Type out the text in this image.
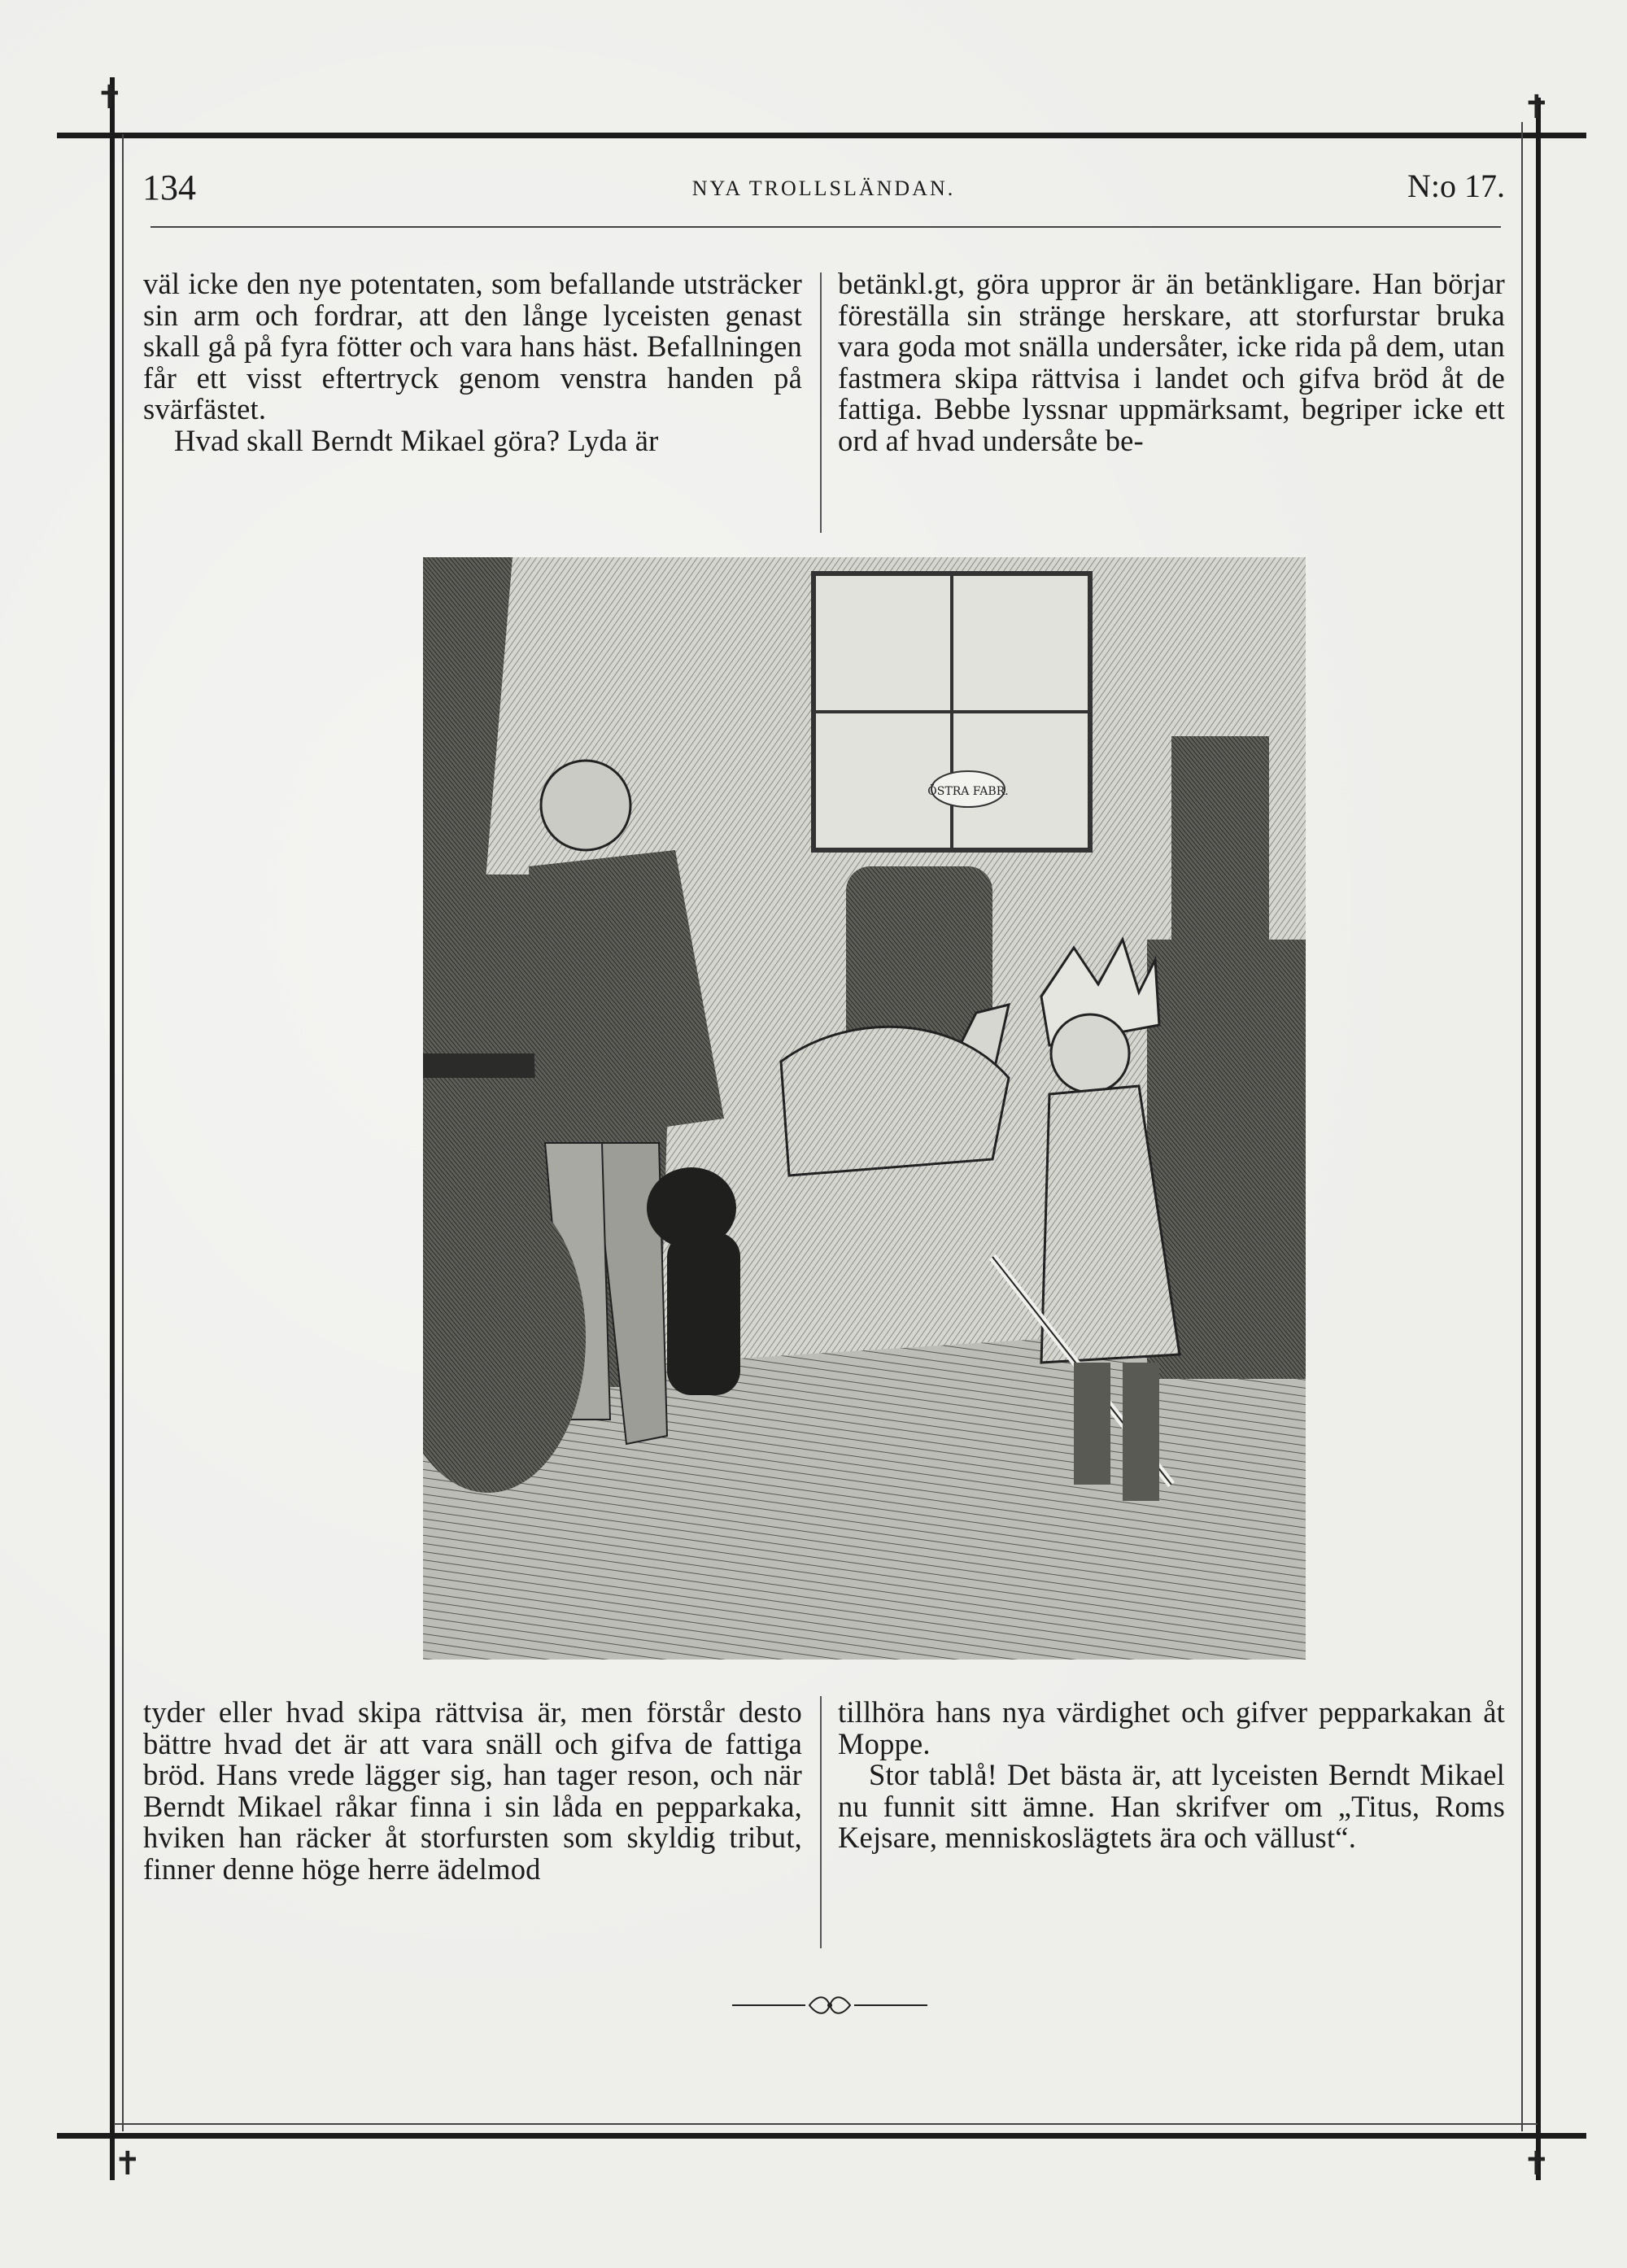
✝	✝
✝	✝
134	NYA TROLLSLÄNDAN.	N:o 17.

väl icke den nye potentaten, som befallande utsträcker sin arm och fordrar, att den långe lyceisten genast skall gå på fyra fötter och vara hans häst. Befallningen får ett visst eftertryck genom venstra handen på svärfästet.

Hvad skall Berndt Mikael göra? Lyda är

betänkl.gt, göra uppror är än betänkligare. Han börjar föreställa sin stränge herskare, att storfurstar bruka vara goda mot snälla undersåter, icke rida på dem, utan fastmera skipa rättvisa i landet och gifva bröd åt de fattiga. Bebbe lyssnar uppmärksamt, begriper icke ett ord af hvad undersåte be-

ÖSTRA FABR.

tyder eller hvad skipa rättvisa är, men förstår desto bättre hvad det är att vara snäll och gifva de fattiga bröd. Hans vrede lägger sig, han tager reson, och när Berndt Mikael råkar finna i sin låda en pepparkaka, hviken han räcker åt storfursten som skyldig tribut, finner denne höge herre ädelmod

tillhöra hans nya värdighet och gifver pepparkakan åt Moppe.

Stor tablå! Det bästa är, att lyceisten Berndt Mikael nu funnit sitt ämne. Han skrifver om „Titus, Roms Kejsare, menniskoslägtets ära och vällust“.
